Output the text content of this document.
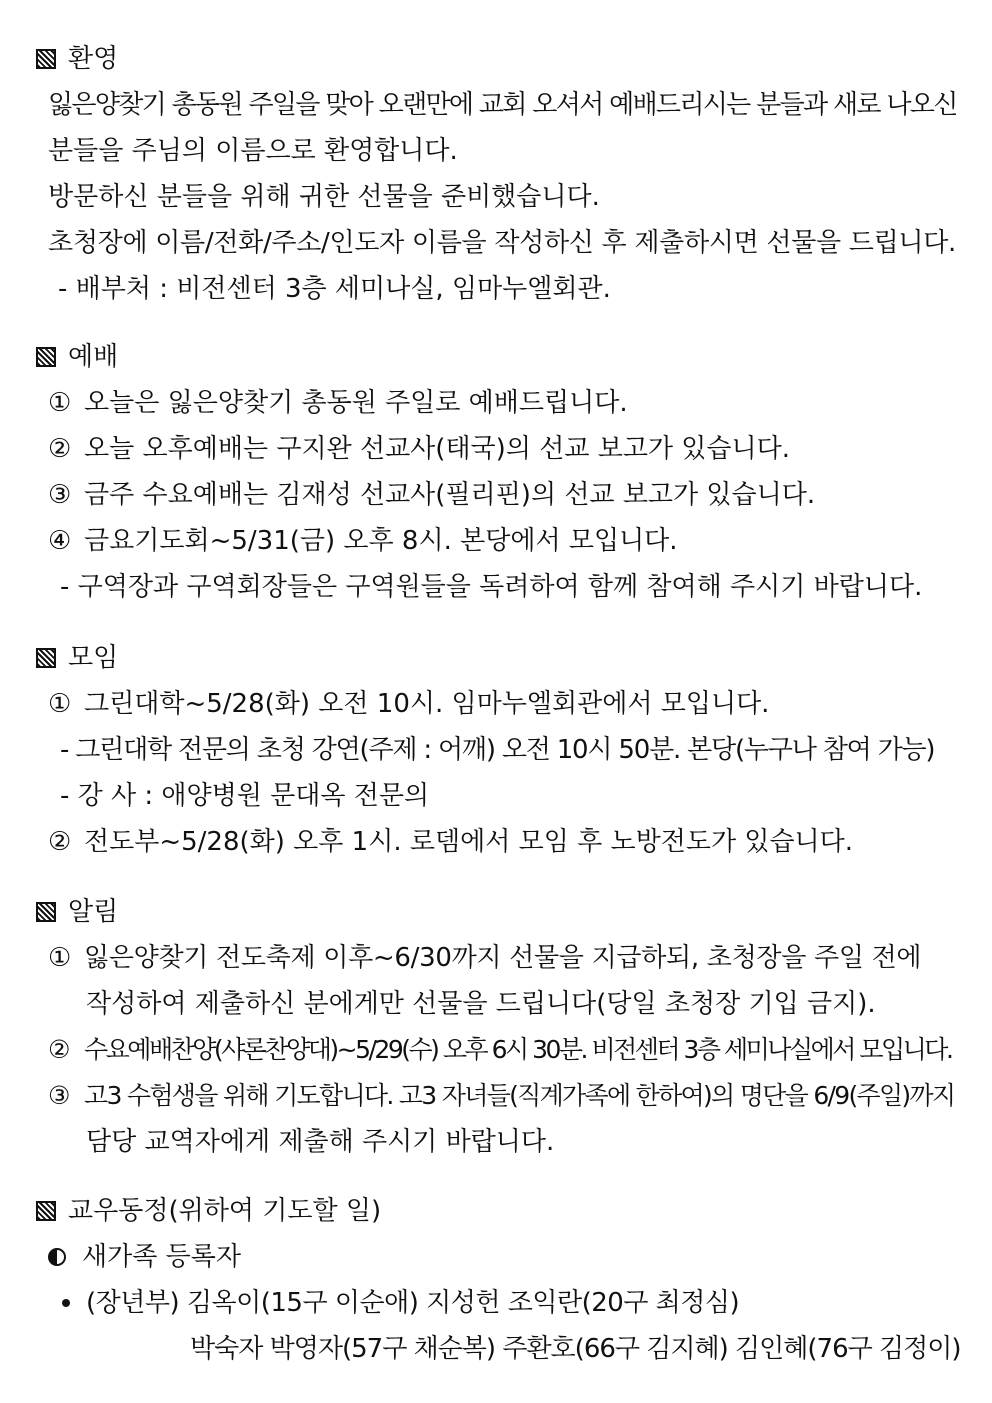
환영
잃은양찾기 총동원 주일을 맞아 오랜만에 교회 오셔서 예배드리시는 분들과 새로 나오신
분들을 주님의 이름으로 환영합니다.
방문하신 분들을 위해 귀한 선물을 준비했습니다.
초청장에 이름/전화/주소/인도자 이름을 작성하신 후 제출하시면 선물을 드립니다.
- 배부처 : 비전센터 3층 세미나실, 임마누엘회관.
예배
① 오늘은 잃은양찾기 총동원 주일로 예배드립니다.
② 오늘 오후예배는 구지완 선교사(태국)의 선교 보고가 있습니다.
③ 금주 수요예배는 김재성 선교사(필리핀)의 선교 보고가 있습니다.
④ 금요기도회~5/31(금) 오후 8시. 본당에서 모입니다.
- 구역장과 구역회장들은 구역원들을 독려하여 함께 참여해 주시기 바랍니다.
모임
① 그린대학~5/28(화) 오전 10시. 임마누엘회관에서 모입니다.
- 그린대학 전문의 초청 강연(주제 : 어깨) 오전 10시 50분. 본당(누구나 참여 가능)
- 강 사 : 애양병원 문대옥 전문의
② 전도부~5/28(화) 오후 1시. 로뎀에서 모임 후 노방전도가 있습니다.
알림
① 잃은양찾기 전도축제 이후~6/30까지 선물을 지급하되, 초청장을 주일 전에
작성하여 제출하신 분에게만 선물을 드립니다(당일 초청장 기입 금지).
② 수요예배찬양(샤론찬양대)~5/29(수) 오후 6시 30분. 비전센터 3층 세미나실에서 모입니다.
③ 고3 수험생을 위해 기도합니다. 고3 자녀들(직계가족에 한하여)의 명단을 6/9(주일)까지
담당 교역자에게 제출해 주시기 바랍니다.
교우동정(위하여 기도할 일)
새가족 등록자
(장년부) 김옥이(15구 이순애) 지성헌 조익란(20구 최정심)
박숙자 박영자(57구 채순복) 주환호(66구 김지혜) 김인혜(76구 김정이)
